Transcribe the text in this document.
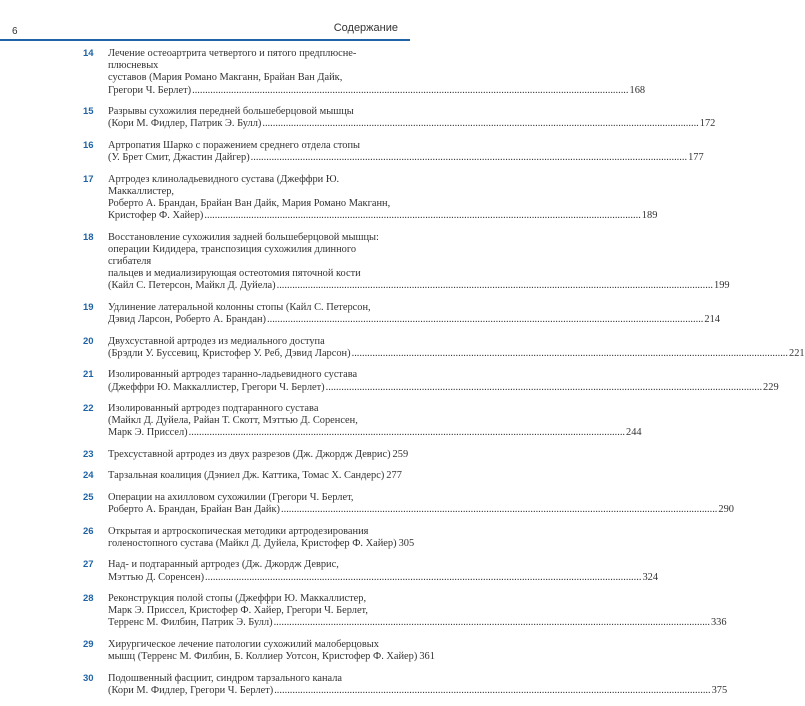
6	Содержание
14 Лечение остеоартрита четвертого и пятого предплюсне-плюсневых
суставов (Мария Романо Макганн, Брайан Ван Дайк,
Грегори Ч. Берлет) .....	168
15 Разрывы сухожилия передней большеберцовой мышцы
(Кори М. Фидлер, Патрик Э. Булл) .....	172
16 Артропатия Шарко с поражением среднего отдела стопы
(У. Брет Смит, Джастин Дайгер) .....	177
17 Артродез клиноладьевидного сустава (Джеффри Ю. Маккаллистер,
Роберто А. Брандан, Брайан Ван Дайк, Мария Романо Макганн,
Кристофер Ф. Хайер) .....	189
18 Восстановление сухожилия задней большеберцовой мышцы:
операции Кидидера, транспозиция сухожилия длинного сгибателя
пальцев и медиализирующая остеотомия пяточной кости
(Кайл С. Петерсон, Майкл Д. Дуйела) .....	199
19 Удлинение латеральной колонны стопы (Кайл С. Петерсон,
Дэвид Ларсон, Роберто А. Брандан) .....	214
20 Двухсуставной артродез из медиального доступа
(Брэдли У. Буссевиц, Кристофер У. Реб, Дэвид Ларсон) .....	221
21 Изолированный артродез таранно-ладьевидного сустава
(Джеффри Ю. Маккаллистер, Грегори Ч. Берлет) .....	229
22 Изолированный артродез подтаранного сустава
(Майкл Д. Дуйела, Райан Т. Скотт, Мэттью Д. Соренсен,
Марк Э. Приссел) .....	244
23 Трехсуставной артродез из двух разрезов (Дж. Джордж Деврис) 259
24 Тарзальная коалиция (Дэниел Дж. Каттика, Томас Х. Сандерс) 277
25 Операции на ахилловом сухожилии (Грегори Ч. Берлет,
Роберто А. Брандан, Брайан Ван Дайк) .....	290
26 Открытая и артроскопическая методики артродезирования
голеностопного сустава (Майкл Д. Дуйела, Кристофер Ф. Хайер) 305
27 Над- и подтаранный артродез (Дж. Джордж Деврис,
Мэттью Д. Соренсен) .....	324
28 Реконструкция полой стопы (Джеффри Ю. Маккаллистер,
Марк Э. Приссел, Кристофер Ф. Хайер, Грегори Ч. Берлет,
Терренс М. Филбин, Патрик Э. Булл) .....	336
29 Хирургическое лечение патологии сухожилий малоберцовых
мышц (Терренс М. Филбин, Б. Коллиер Уотсон, Кристофер Ф. Хайер) 361
30 Подошвенный фасциит, синдром тарзального канала
(Кори М. Фидлер, Грегори Ч. Берлет) .....	375
